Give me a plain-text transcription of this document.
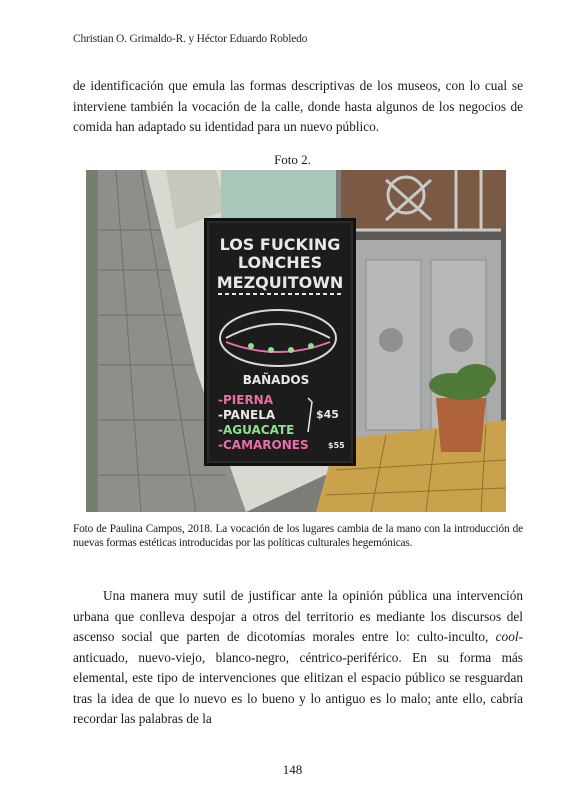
Christian O. Grimaldo-R. y Héctor Eduardo Robledo

de identificación que emula las formas descriptivas de los museos, con lo cual se interviene también la vocación de la calle, donde hasta algunos de los negocios de comida han adaptado su identidad para un nuevo público.

Foto 2.
LOS FUCKING
LONCHES
MEZQUITOWN
BAÑADOS
-PIERNA
-PANELA
-AGUACATE
-CAMARONES
$45
$55

Foto de Paulina Campos, 2018. La vocación de los lugares cambia de la mano con la introducción de nuevas formas estéticas introducidas por las políticas culturales hegemónicas.

Una manera muy sutil de justificar ante la opinión pública una intervención urbana que conlleva despojar a otros del territorio es mediante los discursos del ascenso social que parten de dicotomías morales entre lo: culto-inculto, cool-anticuado, nuevo-viejo, blanco-negro, céntrico-periférico. En su forma más elemental, este tipo de intervenciones que elitizan el espacio público se resguardan tras la idea de que lo nuevo es lo bueno y lo antiguo es lo malo; ante ello, cabría recordar las palabras de la

148
